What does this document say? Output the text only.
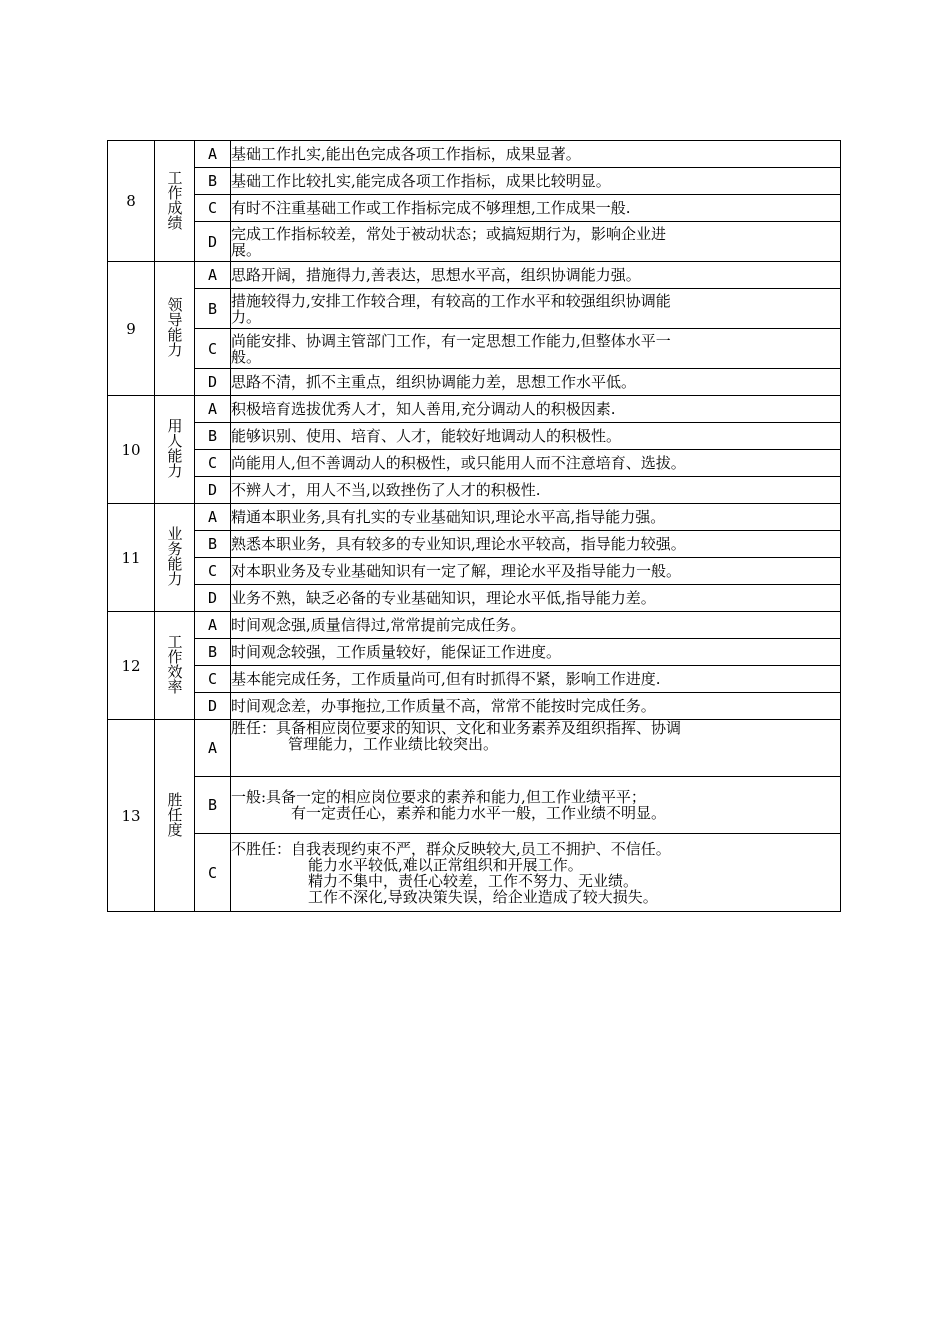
8	工作成绩	A	基础工作扎实,能出色完成各项工作指标，成果显著。

		B	基础工作比较扎实,能完成各项工作指标，成果比较明显。

		C	有时不注重基础工作或工作指标完成不够理想,工作成果一般.

		D	完成工作指标较差，常处于被动状态；或搞短期行为，影响企业进
展。

9	领导能力	A	思路开阔，措施得力,善表达，思想水平高，组织协调能力强。

		B	措施较得力,安排工作较合理，有较高的工作水平和较强组织协调能
力。

		C	尚能安排、协调主管部门工作，有一定思想工作能力,但整体水平一
般。

		D	思路不清，抓不主重点，组织协调能力差，思想工作水平低。

10	用人能力	A	积极培育选拔优秀人才，知人善用,充分调动人的积极因素.

		B	能够识别、使用、培育、人才，能较好地调动人的积极性。

		C	尚能用人,但不善调动人的积极性，或只能用人而不注意培育、选拔。

		D	不辨人才，用人不当,以致挫伤了人才的积极性.

11	业务能力	A	精通本职业务,具有扎实的专业基础知识,理论水平高,指导能力强。

		B	熟悉本职业务，具有较多的专业知识,理论水平较高，指导能力较强。

		C	对本职业务及专业基础知识有一定了解，理论水平及指导能力一般。

		D	业务不熟，缺乏必备的专业基础知识，理论水平低,指导能力差。

12	工作效率	A	时间观念强,质量信得过,常常提前完成任务。

		B	时间观念较强，工作质量较好，能保证工作进度。

		C	基本能完成任务，工作质量尚可,但有时抓得不紧，影响工作进度.

		D	时间观念差，办事拖拉,工作质量不高，常常不能按时完成任务。

13	胜任度	A	胜任：具备相应岗位要求的知识、文化和业务素养及组织指挥、协调
管理能力，工作业绩比较突出。

		B	一般:具备一定的相应岗位要求的素养和能力,但工作业绩平平；
有一定责任心，素养和能力水平一般，工作业绩不明显。

		C	不胜任：自我表现约束不严，群众反映较大,员工不拥护、不信任。
能力水平较低,难以正常组织和开展工作。
精力不集中，责任心较差，工作不努力、无业绩。
工作不深化,导致决策失误，给企业造成了较大损失。
